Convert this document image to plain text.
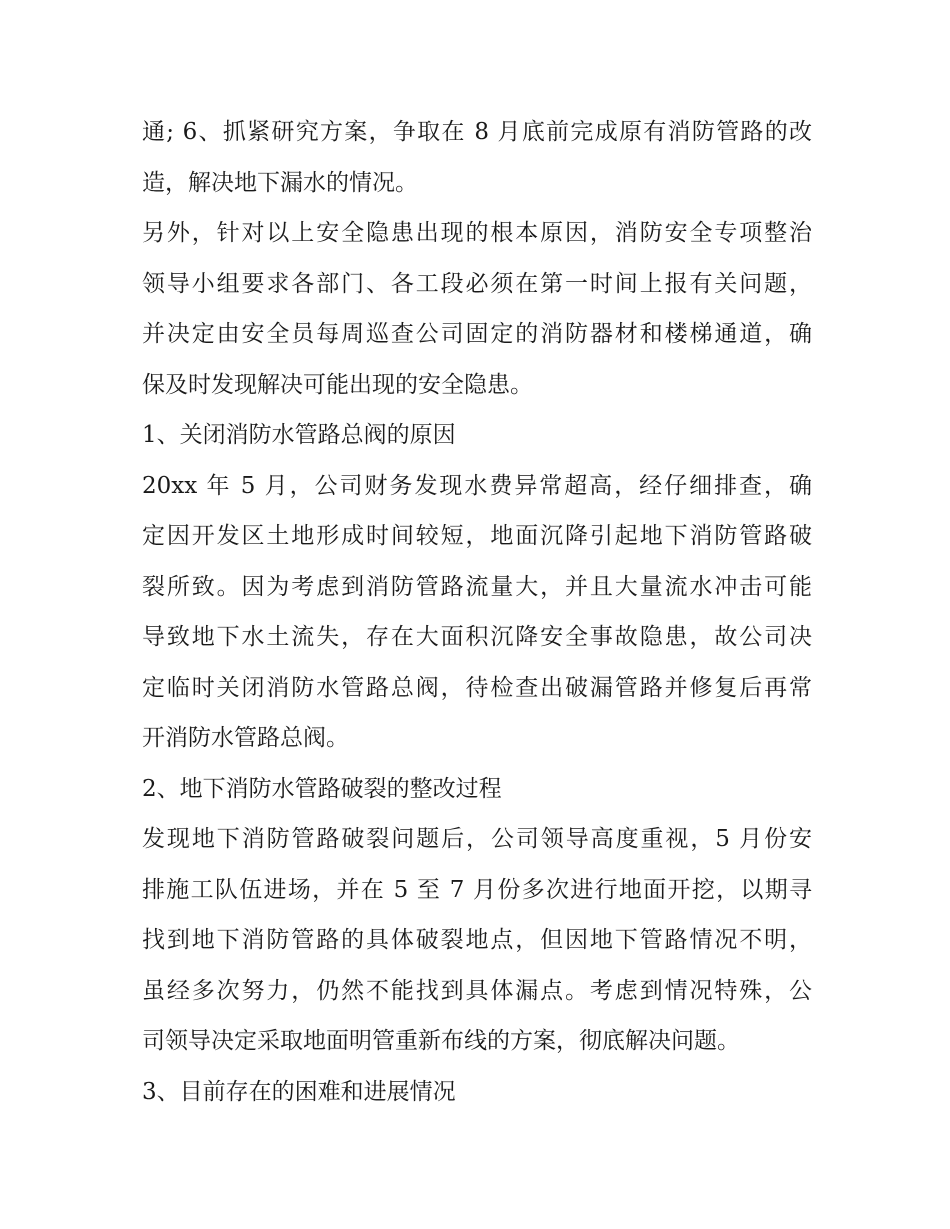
通; 6、抓紧研究方案，争取在 8 月底前完成原有消防管路的改
造，解决地下漏水的情况。
另外，针对以上安全隐患出现的根本原因，消防安全专项整治
领导小组要求各部门、各工段必须在第一时间上报有关问题，
并决定由安全员每周巡查公司固定的消防器材和楼梯通道，确
保及时发现解决可能出现的安全隐患。
1、关闭消防水管路总阀的原因
20xx 年 5 月，公司财务发现水费异常超高，经仔细排查，确
定因开发区土地形成时间较短，地面沉降引起地下消防管路破
裂所致。因为考虑到消防管路流量大，并且大量流水冲击可能
导致地下水土流失，存在大面积沉降安全事故隐患，故公司决
定临时关闭消防水管路总阀，待检查出破漏管路并修复后再常
开消防水管路总阀。
2、地下消防水管路破裂的整改过程
发现地下消防管路破裂问题后，公司领导高度重视，5 月份安
排施工队伍进场，并在 5 至 7 月份多次进行地面开挖，以期寻
找到地下消防管路的具体破裂地点，但因地下管路情况不明，
虽经多次努力，仍然不能找到具体漏点。考虑到情况特殊，公
司领导决定采取地面明管重新布线的方案，彻底解决问题。
3、目前存在的困难和进展情况
